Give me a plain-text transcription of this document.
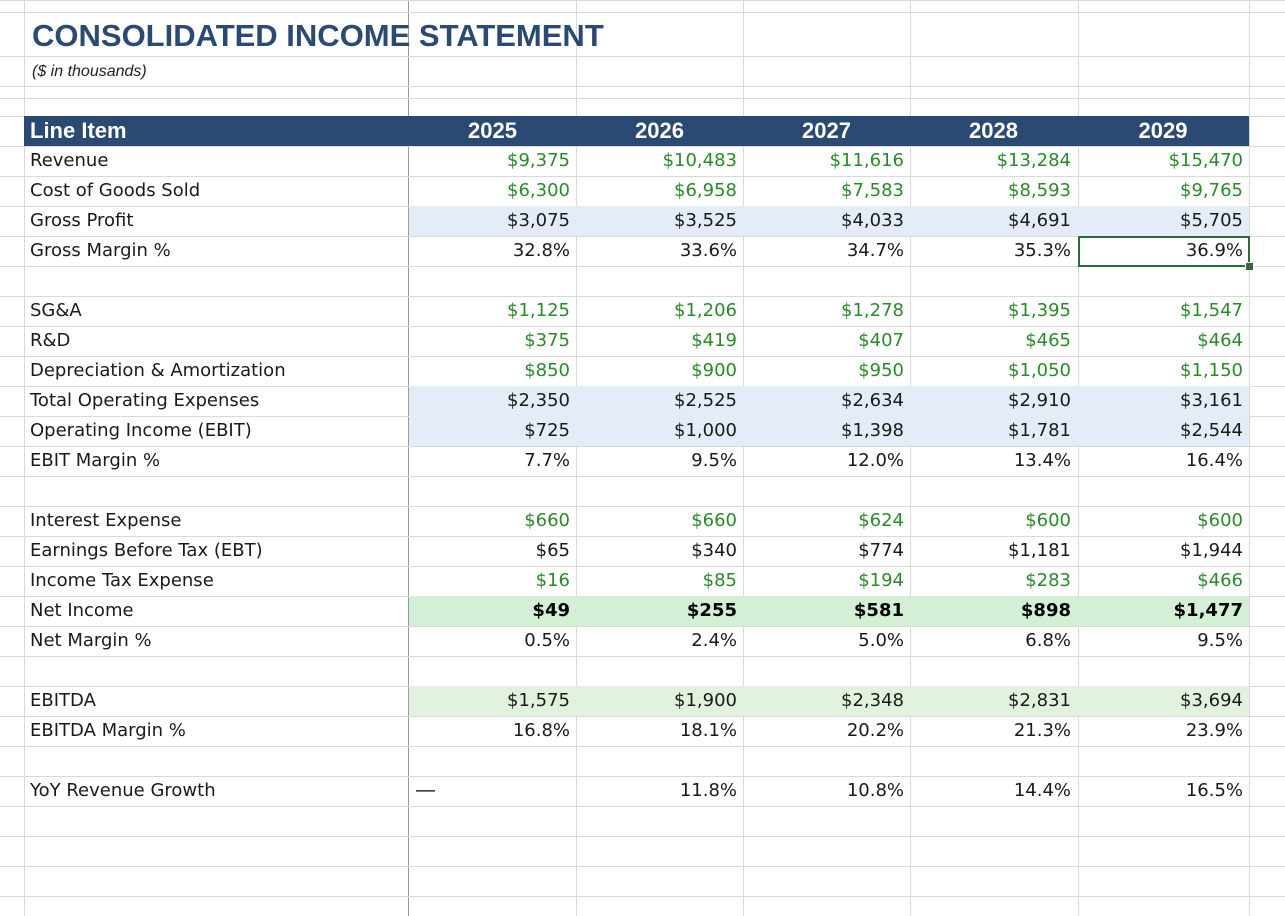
CONSOLIDATED INCOME STATEMENT
($ in thousands)
Line Item	2025	2026	2027	2028	2029
Revenue	$9,375	$10,483	$11,616	$13,284	$15,470
Cost of Goods Sold	$6,300	$6,958	$7,583	$8,593	$9,765
Gross Profit	$3,075	$3,525	$4,033	$4,691	$5,705
Gross Margin %	32.8%	33.6%	34.7%	35.3%	36.9%
SG&A	$1,125	$1,206	$1,278	$1,395	$1,547
R&D	$375	$419	$407	$465	$464
Depreciation & Amortization	$850	$900	$950	$1,050	$1,150
Total Operating Expenses	$2,350	$2,525	$2,634	$2,910	$3,161
Operating Income (EBIT)	$725	$1,000	$1,398	$1,781	$2,544
EBIT Margin %	7.7%	9.5%	12.0%	13.4%	16.4%
Interest Expense	$660	$660	$624	$600	$600
Earnings Before Tax (EBT)	$65	$340	$774	$1,181	$1,944
Income Tax Expense	$16	$85	$194	$283	$466
Net Income	$49	$255	$581	$898	$1,477
Net Margin %	0.5%	2.4%	5.0%	6.8%	9.5%
EBITDA	$1,575	$1,900	$2,348	$2,831	$3,694
EBITDA Margin %	16.8%	18.1%	20.2%	21.3%	23.9%
YoY Revenue Growth	—	11.8%	10.8%	14.4%	16.5%
